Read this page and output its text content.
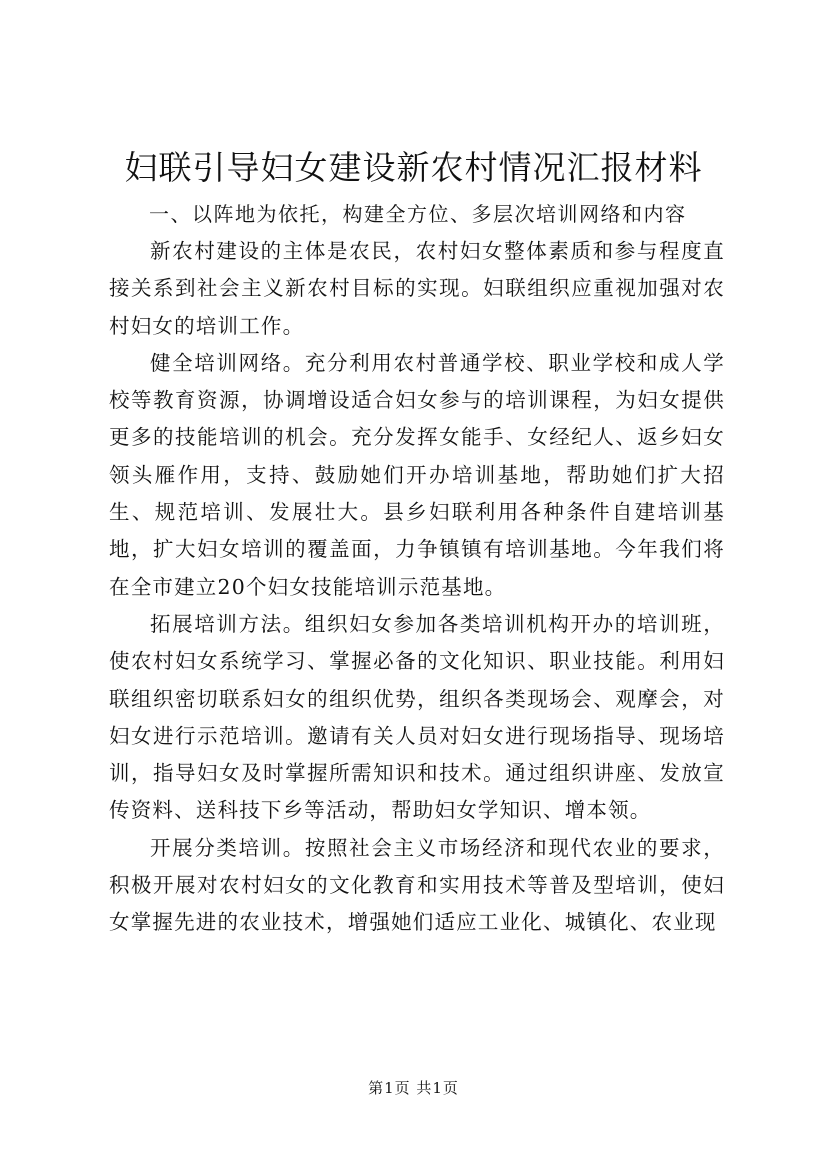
妇联引导妇女建设新农村情况汇报材料

一、以阵地为依托，构建全方位、多层次培训网络和内容

新农村建设的主体是农民，农村妇女整体素质和参与程度直接关系到社会主义新农村目标的实现。妇联组织应重视加强对农村妇女的培训工作。

健全培训网络。充分利用农村普通学校、职业学校和成人学校等教育资源，协调增设适合妇女参与的培训课程，为妇女提供更多的技能培训的机会。充分发挥女能手、女经纪人、返乡妇女领头雁作用，支持、鼓励她们开办培训基地，帮助她们扩大招生、规范培训、发展壮大。县乡妇联利用各种条件自建培训基地，扩大妇女培训的覆盖面，力争镇镇有培训基地。今年我们将在全市建立20个妇女技能培训示范基地。

拓展培训方法。组织妇女参加各类培训机构开办的培训班，使农村妇女系统学习、掌握必备的文化知识、职业技能。利用妇联组织密切联系妇女的组织优势，组织各类现场会、观摩会，对妇女进行示范培训。邀请有关人员对妇女进行现场指导、现场培训，指导妇女及时掌握所需知识和技术。通过组织讲座、发放宣传资料、送科技下乡等活动，帮助妇女学知识、增本领。

开展分类培训。按照社会主义市场经济和现代农业的要求，积极开展对农村妇女的文化教育和实用技术等普及型培训，使妇女掌握先进的农业技术，增强她们适应工业化、城镇化、农业现

第1页 共1页
